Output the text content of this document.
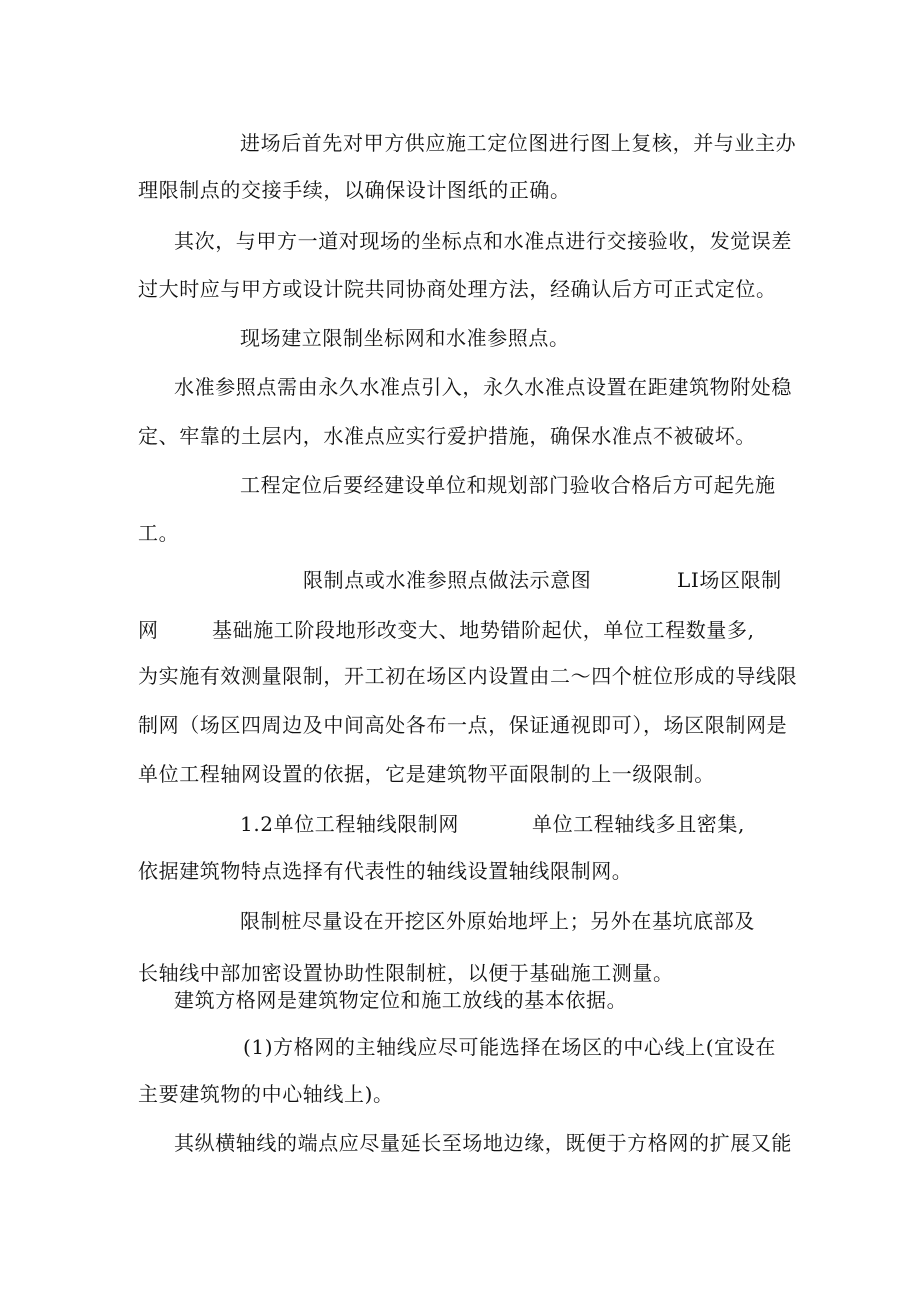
进场后首先对甲方供应施工定位图进行图上复核，并与业主办
理限制点的交接手续，以确保设计图纸的正确。
其次，与甲方一道对现场的坐标点和水准点进行交接验收，发觉误差
过大时应与甲方或设计院共同协商处理方法，经确认后方可正式定位。
现场建立限制坐标网和水准参照点。
水准参照点需由永久水准点引入，永久水准点设置在距建筑物附处稳
定、牢靠的土层内，水准点应实行爱护措施，确保水准点不被破坏。
工程定位后要经建设单位和规划部门验收合格后方可起先施
工。
限制点或水准参照点做法示意图	LI场区限制
网	基础施工阶段地形改变大、地势错阶起伏，单位工程数量多,
为实施有效测量限制，开工初在场区内设置由二～四个桩位形成的导线限
制网（场区四周边及中间高处各布一点，保证通视即可），场区限制网是
单位工程轴网设置的依据，它是建筑物平面限制的上一级限制。
1.2单位工程轴线限制网	单位工程轴线多且密集,
依据建筑物特点选择有代表性的轴线设置轴线限制网。
限制桩尽量设在开挖区外原始地坪上；另外在基坑底部及
长轴线中部加密设置协助性限制桩，以便于基础施工测量。
建筑方格网是建筑物定位和施工放线的基本依据。
(1)方格网的主轴线应尽可能选择在场区的中心线上(宜设在
主要建筑物的中心轴线上)。
其纵横轴线的端点应尽量延长至场地边缘，既便于方格网的扩展又能
